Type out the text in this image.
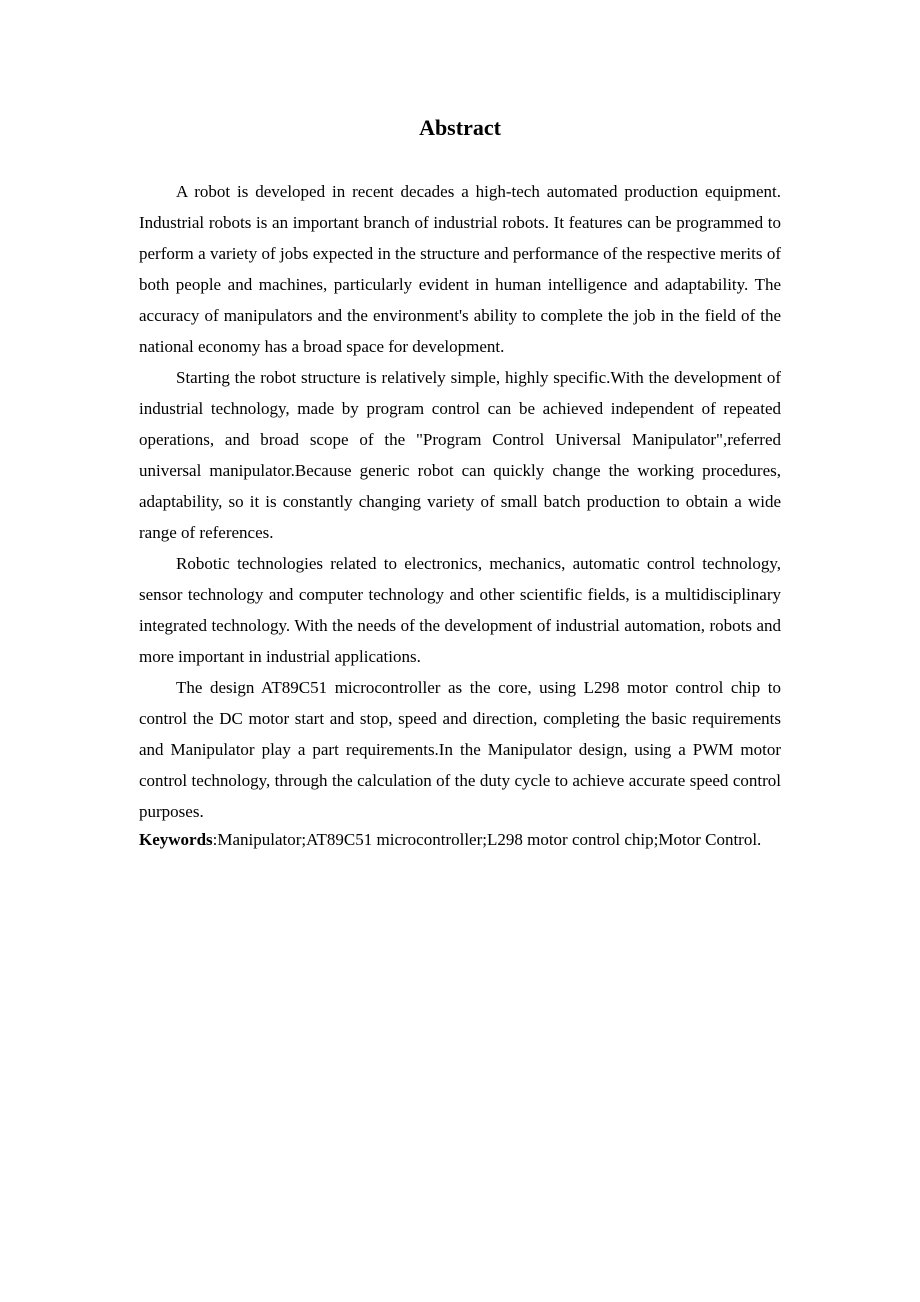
Abstract

A robot is developed in recent decades a high-tech automated production equipment. Industrial robots is an important branch of industrial robots. It features can be programmed to perform a variety of jobs expected in the structure and performance of the respective merits of both people and machines, particularly evident in human intelligence and adaptability. The accuracy of manipulators and the environment's ability to complete the job in the field of the national economy has a broad space for development.

Starting the robot structure is relatively simple, highly specific.With the development of industrial technology, made by program control can be achieved independent of repeated operations, and broad scope of the "Program Control Universal Manipulator",referred universal manipulator.Because generic robot can quickly change the working procedures, adaptability, so it is constantly changing variety of small batch production to obtain a wide range of references.

Robotic technologies related to electronics, mechanics, automatic control technology, sensor technology and computer technology and other scientific fields, is a multidisciplinary integrated technology. With the needs of the development of industrial automation, robots and more important in industrial applications.

The design AT89C51 microcontroller as the core, using L298 motor control chip to control the DC motor start and stop, speed and direction, completing the basic requirements and Manipulator play a part requirements.In the Manipulator design, using a PWM motor control technology, through the calculation of the duty cycle to achieve accurate speed control purposes.

Keywords:Manipulator;AT89C51 microcontroller;L298 motor control chip;Motor Control.
